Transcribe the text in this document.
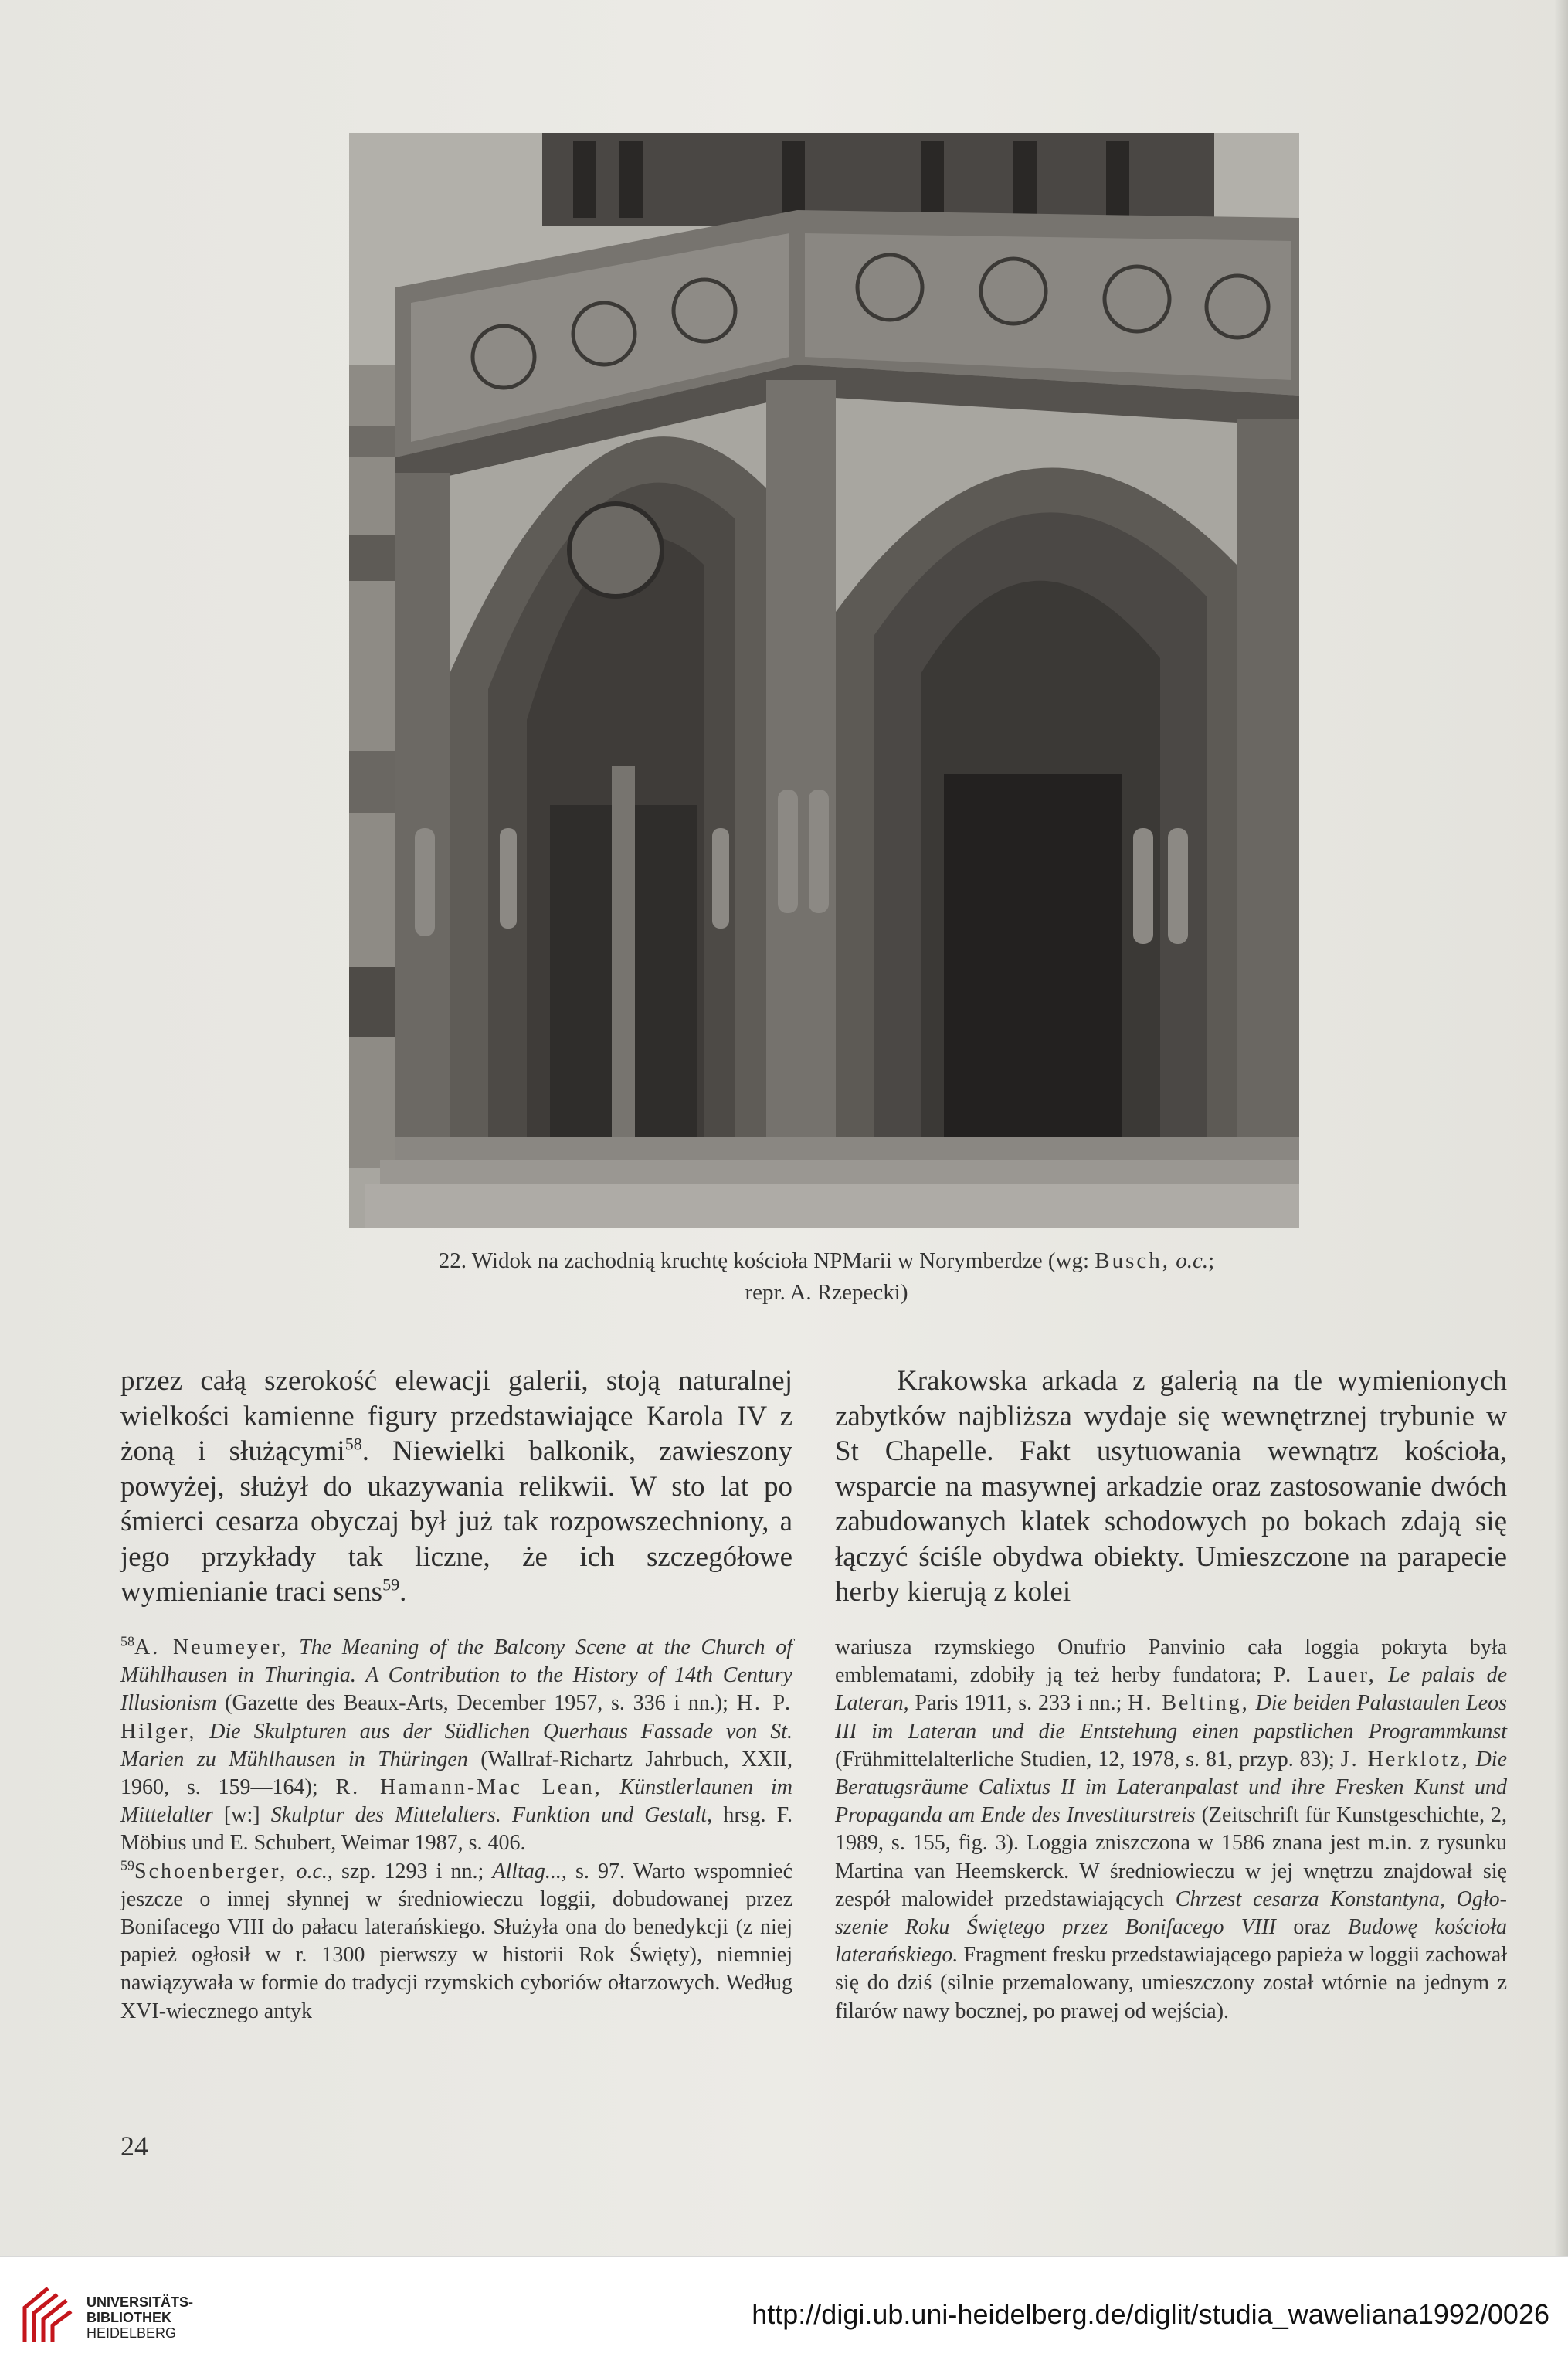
22. Widok na zachodnią kruchtę kościoła NPMarii w Norymberdze (wg: Busch, o.c.;
repr. A. Rzepecki)

przez całą szerokość elewacji galerii, stoją naturalnej wielkości kamienne figury przedstawiające Karola IV z żoną i służącymi$^{58}$. Niewielki balkonik, zawieszony powyżej, służył do ukazywania relikwii. W sto lat po śmierci cesarza obyczaj był już tak rozpowszechniony, a jego przykłady tak liczne, że ich szczegółowe wymienianie traci sens$^{59}$.

Krakowska arkada z galerią na tle wymienionych zabytków najbliższa wydaje się wewnętrznej trybunie w St Chapelle. Fakt usytuowania wewnątrz kościoła, wsparcie na masywnej arkadzie oraz zastosowanie dwóch zabudowanych klatek schodowych po bokach zdają się łączyć ściśle obydwa obiekty. Umieszczone na parapecie herby kierują z kolei

$^{58}$A. Neumeyer, The Meaning of the Balcony Scene at the Church of Mühlhausen in Thuringia. A Contribution to the History of 14th Century Illusionism (Gazette des Beaux-Arts, December 1957, s. 336 i nn.); H. P. Hilger, Die Skulpturen aus der Südlichen Querhaus Fassade von St. Marien zu Mühlhausen in Thüringen (Wallraf-Richartz Jahrbuch, XXII, 1960, s. 159—164); R. Hamann-Mac Lean, Künstlerlaunen im Mittelalter [w:] Skulptur des Mittelalters. Funktion und Gestalt, hrsg. F. Möbius und E. Schubert, Weimar 1987, s. 406.

$^{59}$Schoenberger, o.c., szp. 1293 i nn.; Alltag..., s. 97. Warto wspomnieć jeszcze o innej słynnej w średniowieczu loggii, dobudowanej przez Bonifacego VIII do pałacu laterańskiego. Służyła ona do benedykcji (z niej papież ogłosił w r. 1300 pierwszy w historii Rok Święty), niemniej nawiązywała w formie do tradycji rzymskich cyboriów ołtarzowych. Według XVI-wiecznego antyk

wariusza rzymskiego Onufrio Panvinio cała loggia pokryta była emblematami, zdobiły ją też herby fundatora; P. Lauer, Le palais de Lateran, Paris 1911, s. 233 i nn.; H. Belting, Die beiden Palastaulen Leos III im Lateran und die Entstehung einen papstlichen Programmkunst (Frühmittelalterliche Studien, 12, 1978, s. 81, przyp. 83); J. Herklotz, Die Beratugsräume Calixtus II im Lateranpalast und ihre Fresken Kunst und Propaganda am Ende des Investiturstreis (Zeitschrift für Kunstgeschichte, 2, 1989, s. 155, fig. 3). Loggia zniszczona w 1586 znana jest m.in. z rysunku Martina van Heemskerck. W średniowieczu w jej wnętrzu znajdował się zespół malowideł przedstawiających Chrzest cesarza Konstantyna, Ogłoszenie Roku Świętego przez Bonifacego VIII oraz Budowę kościoła laterańskiego. Fragment fresku przedstawiającego papieża w loggii zachował się do dziś (silnie przemalowany, umieszczony został wtórnie na jednym z filarów nawy bocznej, po prawej od wejścia).

24
UNIVERSITÄTS-
BIBLIOTHEK
HEIDELBERG
http://digi.ub.uni-heidelberg.de/diglit/studia_waweliana1992/0026
